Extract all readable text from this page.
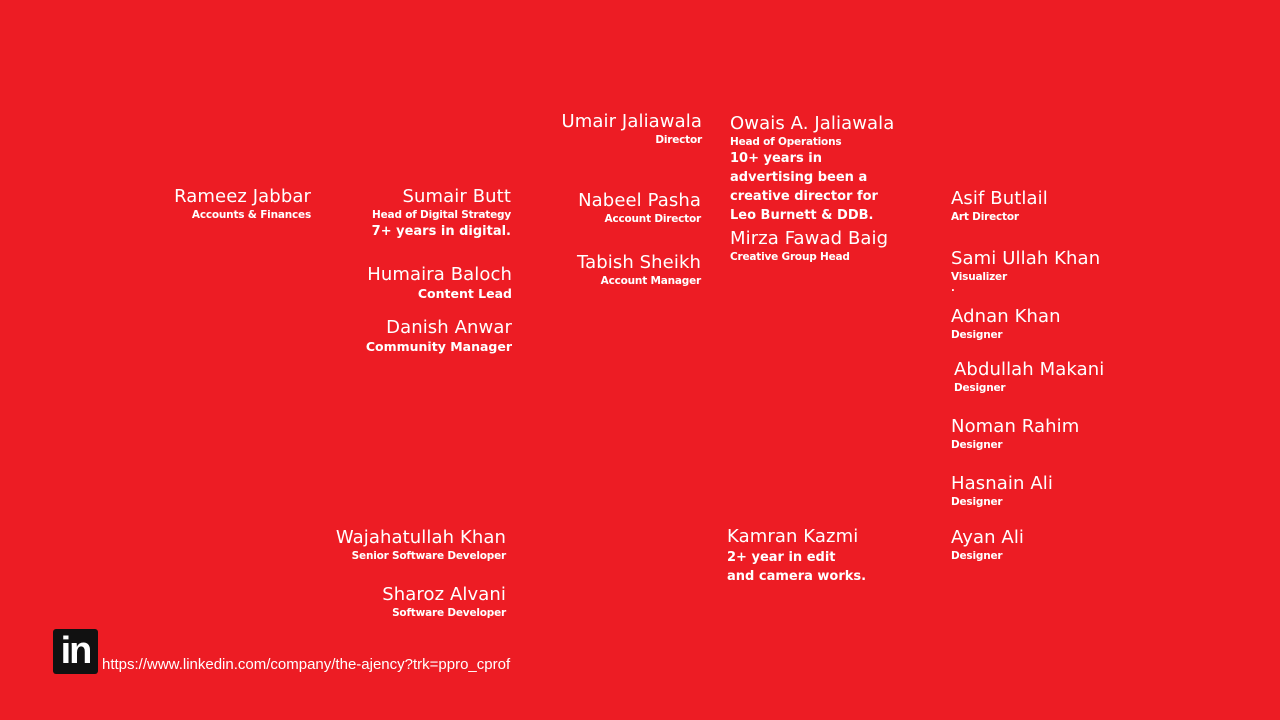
Umair Jaliawala
Director
Owais A. Jaliawala
Head of Operations
10+ years in advertising been a creative director for Leo Burnett & DDB.
Rameez Jabbar
Accounts & Finances
Sumair Butt
Head of Digital Strategy
7+ years in digital.
Nabeel Pasha
Account Director
Asif Butlail
Art Director
Mirza Fawad Baig
Creative Group Head	Sami Ullah Khan
Visualizer
.
Tabish Sheikh
Account Manager
Humaira Baloch
Content Lead
Adnan Khan
Designer
Danish Anwar
Community Manager
Abdullah Makani
Designer
Noman Rahim
Designer
Hasnain Ali
Designer
Wajahatullah Khan
Senior Software Developer
Kamran Kazmi
2+ year in edit and camera works.
Ayan Ali
Designer
Sharoz Alvani
Software Developer
in https://www.linkedin.com/company/the-ajency?trk=ppro_cprof
